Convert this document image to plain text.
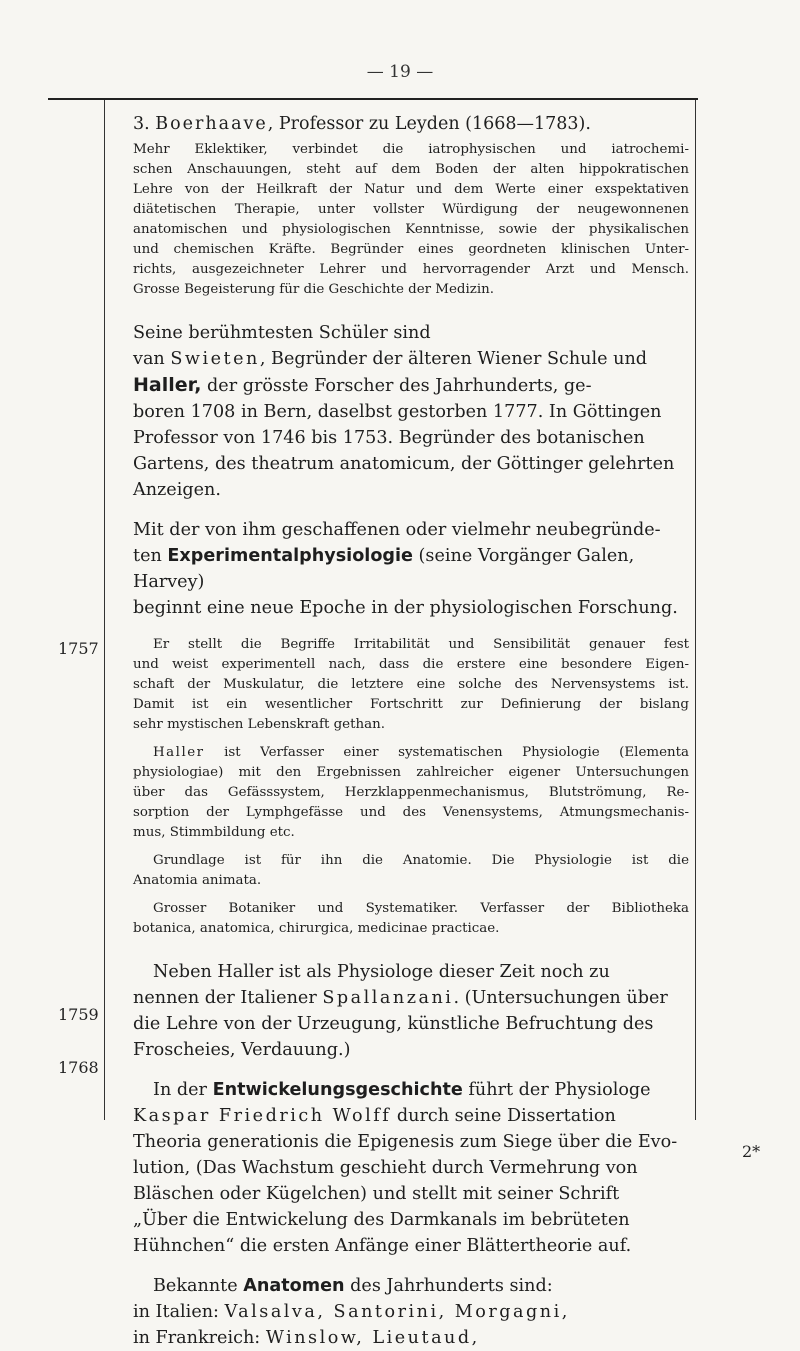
— 19 —
1757
1759
1768
2*
3. Boerhaave, Professor zu Leyden (1668—1783).
Mehr Eklektiker, verbindet die iatrophysischen und iatrochemi-
schen Anschauungen, steht auf dem Boden der alten hippokratischen
Lehre von der Heilkraft der Natur und dem Werte einer exspektativen
diätetischen Therapie, unter vollster Würdigung der neugewonnenen
anatomischen und physiologischen Kenntnisse, sowie der physikalischen
und chemischen Kräfte. Begründer eines geordneten klinischen Unter-
richts, ausgezeichneter Lehrer und hervorragender Arzt und Mensch.
Grosse Begeisterung für die Geschichte der Medizin.
Seine berühmtesten Schüler sind
van Swieten, Begründer der älteren Wiener Schule und
Haller, der grösste Forscher des Jahrhunderts, ge-
boren 1708 in Bern, daselbst gestorben 1777. In Göttingen
Professor von 1746 bis 1753. Begründer des botanischen
Gartens, des theatrum anatomicum, der Göttinger gelehrten
Anzeigen.
Mit der von ihm geschaffenen oder vielmehr neubegründe-
ten Experimentalphysiologie (seine Vorgänger Galen, Harvey)
beginnt eine neue Epoche in der physiologischen Forschung.
Er stellt die Begriffe Irritabilität und Sensibilität genauer fest
und weist experimentell nach, dass die erstere eine besondere Eigen-
schaft der Muskulatur, die letztere eine solche des Nervensystems ist.
Damit ist ein wesentlicher Fortschritt zur Definierung der bislang
sehr mystischen Lebenskraft gethan.
Haller ist Verfasser einer systematischen Physiologie (Elementa
physiologiae) mit den Ergebnissen zahlreicher eigener Untersuchungen
über das Gefässsystem, Herzklappenmechanismus, Blutströmung, Re-
sorption der Lymphgefässe und des Venensystems, Atmungsmechanis-
mus, Stimmbildung etc.
Grundlage ist für ihn die Anatomie. Die Physiologie ist die
Anatomia animata.
Grosser Botaniker und Systematiker. Verfasser der Bibliotheka
botanica, anatomica, chirurgica, medicinae practicae.
Neben Haller ist als Physiologe dieser Zeit noch zu
nennen der Italiener Spallanzani. (Untersuchungen über
die Lehre von der Urzeugung, künstliche Befruchtung des
Froscheies, Verdauung.)
In der Entwickelungsgeschichte führt der Physiologe
Kaspar Friedrich Wolff durch seine Dissertation
Theoria generationis die Epigenesis zum Siege über die Evo-
lution, (Das Wachstum geschieht durch Vermehrung von
Bläschen oder Kügelchen) und stellt mit seiner Schrift
„Über die Entwickelung des Darmkanals im bebrüteten
Hühnchen“ die ersten Anfänge einer Blättertheorie auf.
Bekannte Anatomen des Jahrhunderts sind:
in Italien: Valsalva, Santorini, Morgagni,
in Frankreich: Winslow, Lieutaud,
